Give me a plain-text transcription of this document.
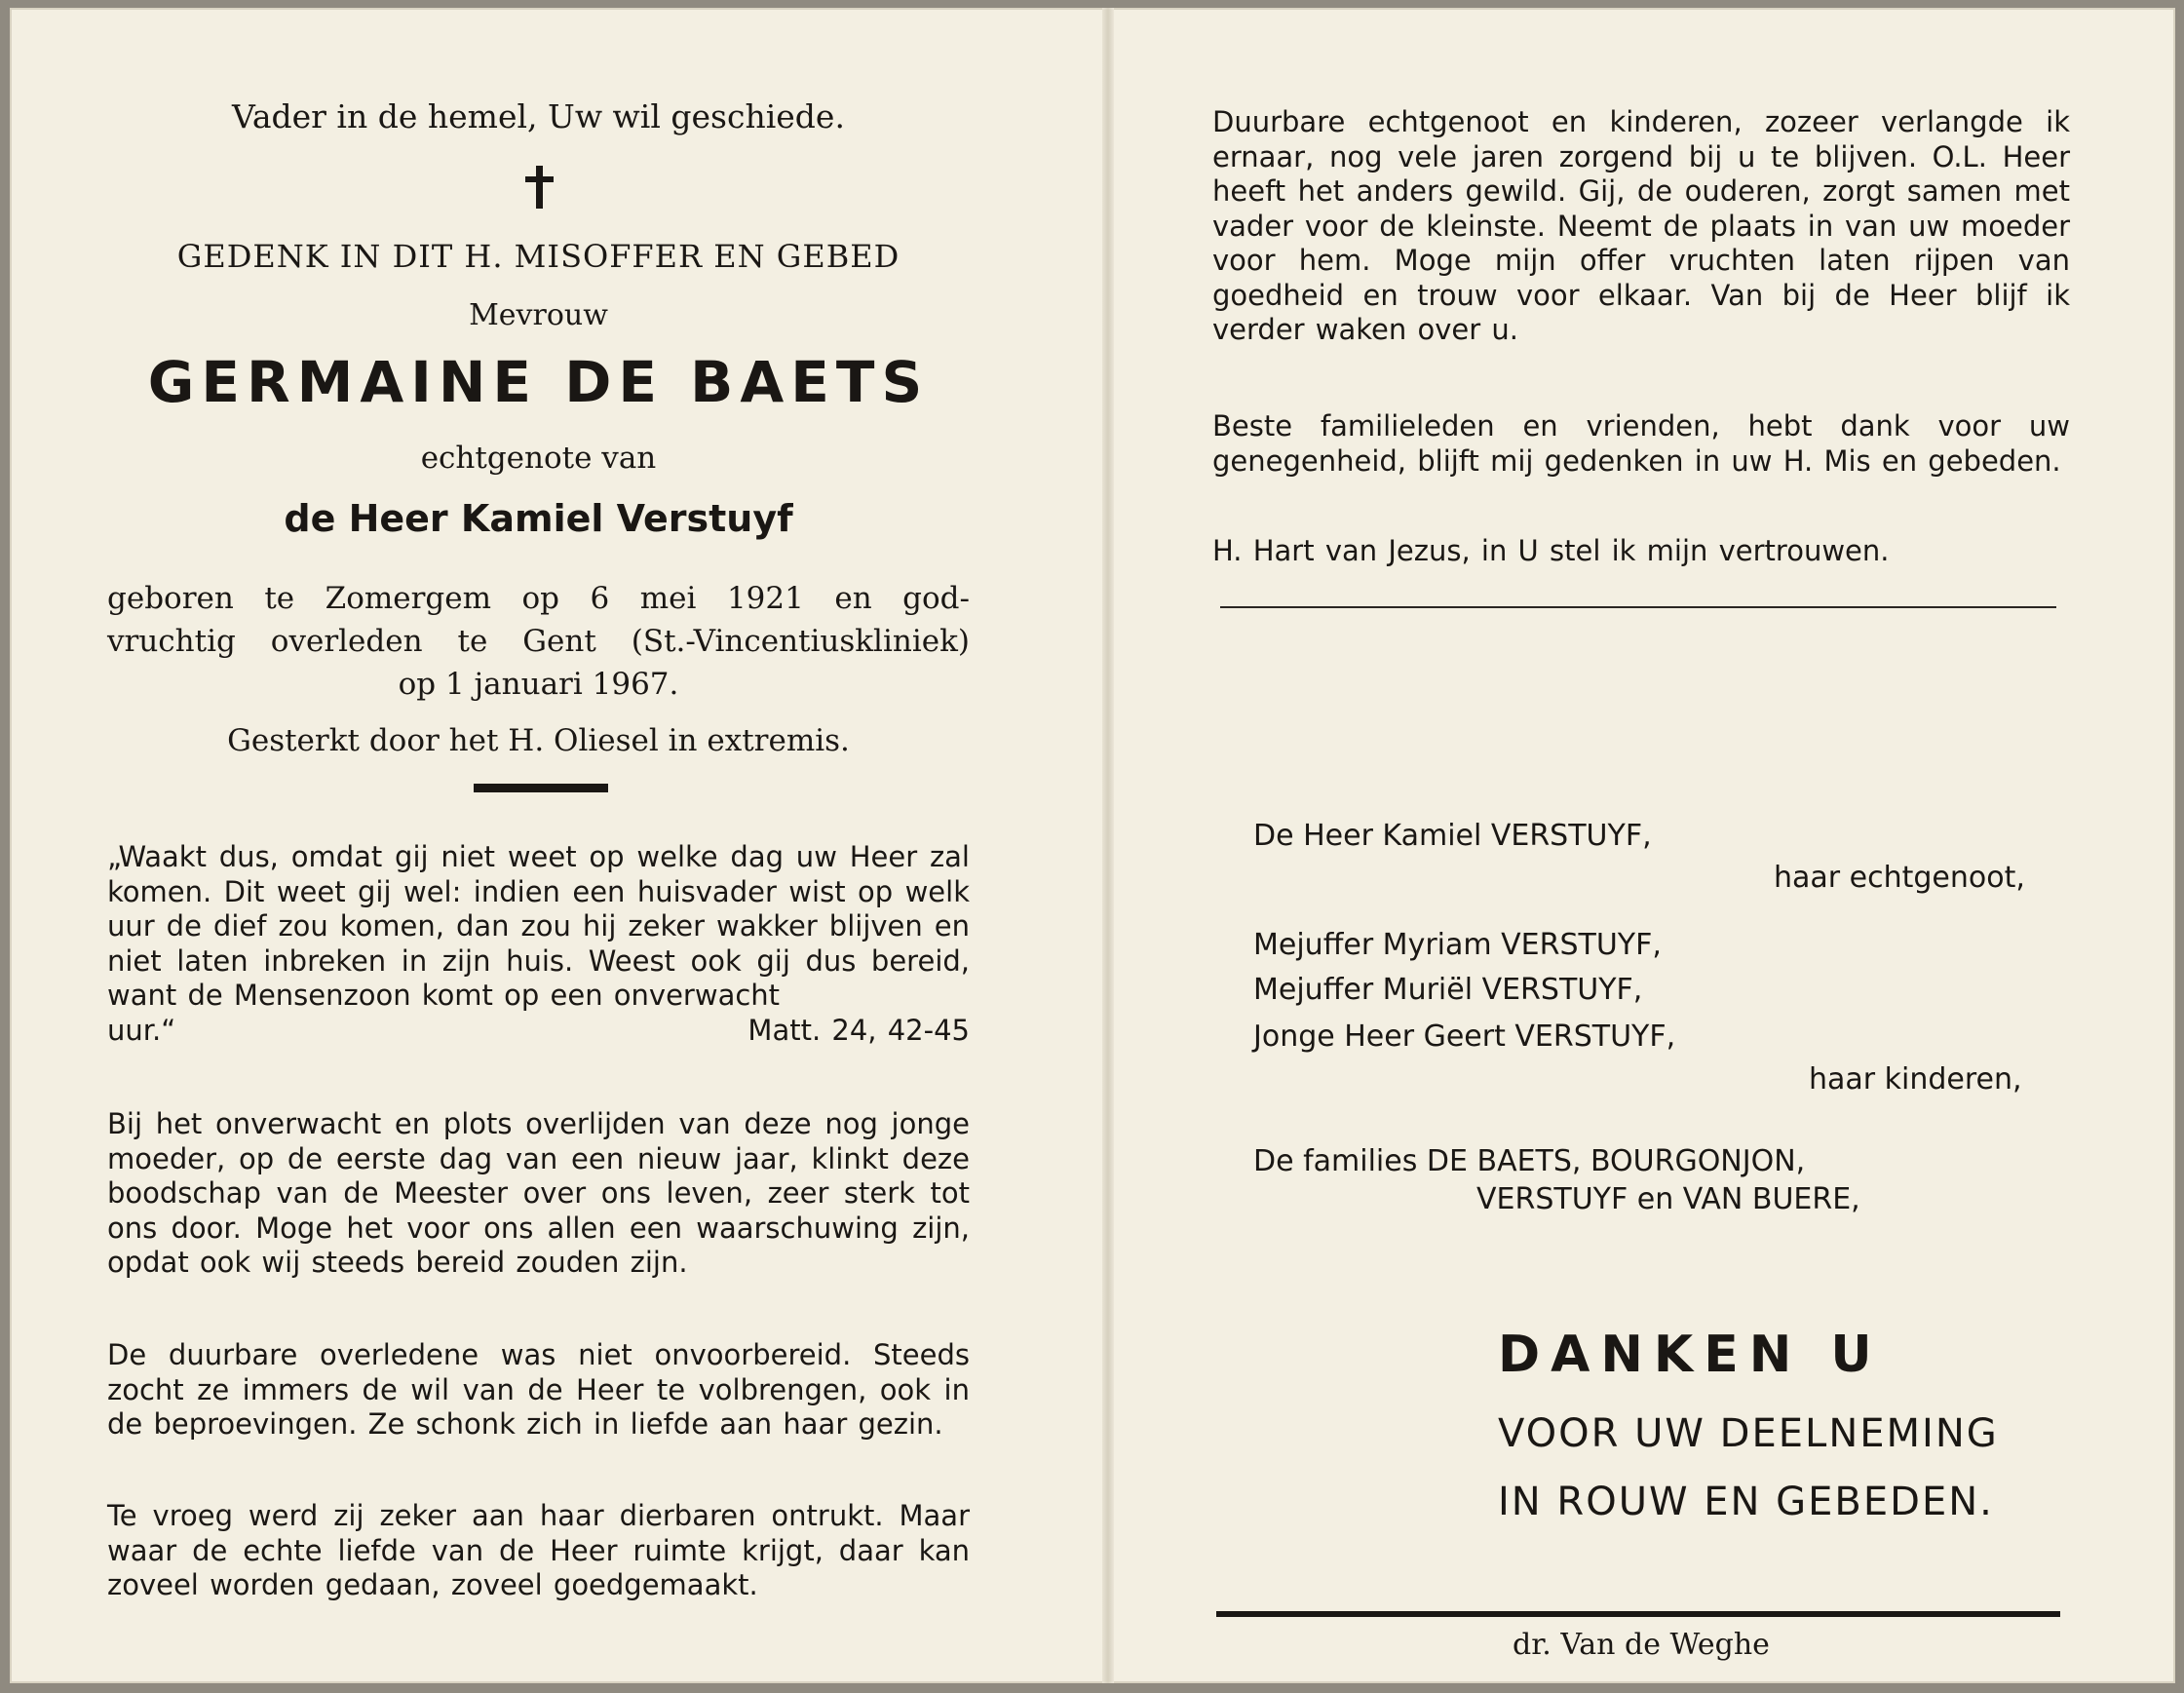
Vader in de hemel, Uw wil geschiede.
GEDENK IN DIT H. MISOFFER EN GEBED
Mevrouw
GERMAINE DE BAETS
echtgenote van
de Heer Kamiel Verstuyf
geboren te Zomergem op 6 mei 1921 en god-
vruchtig overleden te Gent (St.-Vincentiuskliniek)
op 1 januari 1967.
Gesterkt door het H. Oliesel in extremis.
„Waakt dus, omdat gij niet weet op welke dag uw Heer zal komen. Dit weet gij wel: indien een huisvader wist op welk uur de dief zou komen, dan zou hij zeker wakker blijven en niet laten inbreken in zijn huis. Weest ook gij dus bereid, want de Mensenzoon komt op een onverwacht
uur.“	Matt. 24, 42-45
Bij het onverwacht en plots overlijden van deze nog jonge moeder, op de eerste dag van een nieuw jaar, klinkt deze boodschap van de Meester over ons leven, zeer sterk tot ons door. Moge het voor ons allen een waarschuwing zijn, opdat ook wij steeds bereid zouden zijn.
De duurbare overledene was niet onvoorbereid. Steeds zocht ze immers de wil van de Heer te volbrengen, ook in de beproevingen. Ze schonk zich in liefde aan haar gezin.
Te vroeg werd zij zeker aan haar dierbaren ontrukt. Maar waar de echte liefde van de Heer ruimte krijgt, daar kan zoveel worden gedaan, zoveel goedgemaakt.
Duurbare echtgenoot en kinderen, zozeer verlangde ik ernaar, nog vele jaren zorgend bij u te blijven. O.L. Heer heeft het anders gewild. Gij, de ouderen, zorgt samen met vader voor de kleinste. Neemt de plaats in van uw moeder voor hem. Moge mijn offer vruchten laten rijpen van goedheid en trouw voor elkaar. Van bij de Heer blijf ik verder waken over u.
Beste familieleden en vrienden, hebt dank voor uw genegenheid, blijft mij gedenken in uw H. Mis en gebeden.
H. Hart van Jezus, in U stel ik mijn vertrouwen.
De Heer Kamiel VERSTUYF,
haar echtgenoot,
Mejuffer Myriam VERSTUYF,
Mejuffer Muriël VERSTUYF,
Jonge Heer Geert VERSTUYF,
haar kinderen,
De families DE BAETS, BOURGONJON,
VERSTUYF en VAN BUERE,
DANKEN U
VOOR UW DEELNEMING
IN ROUW EN GEBEDEN.
dr. Van de Weghe
